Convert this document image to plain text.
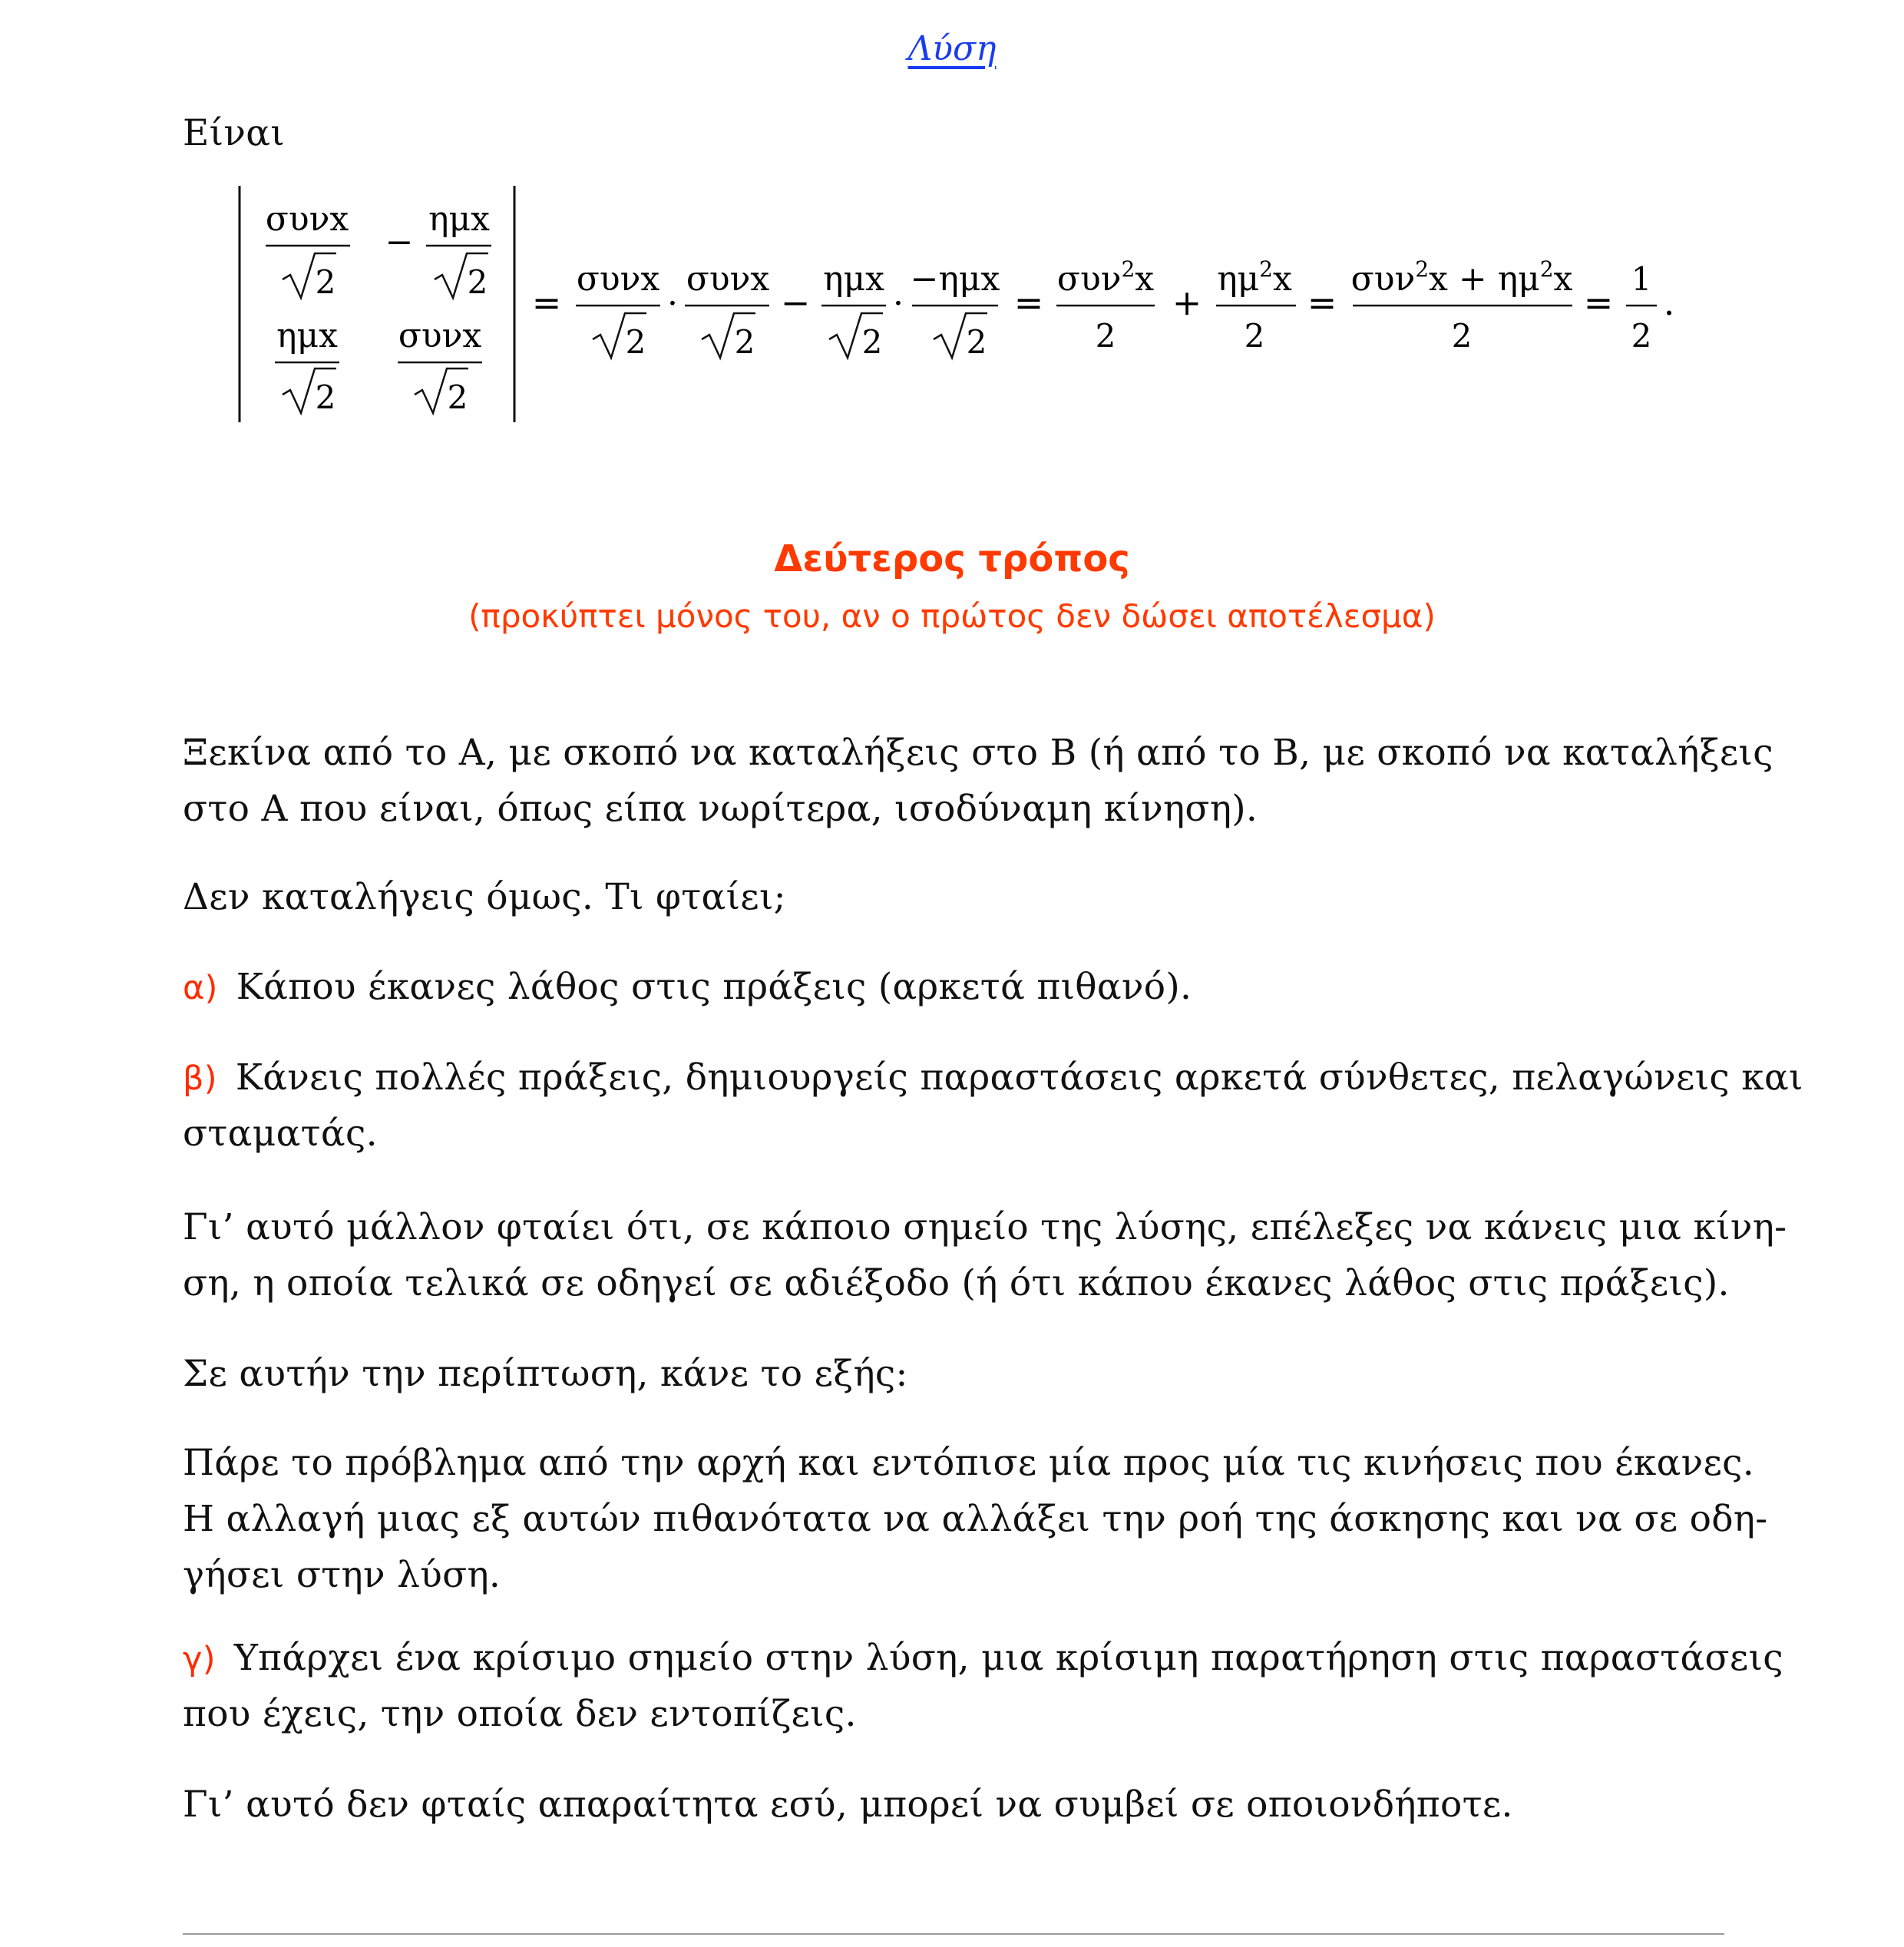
Λύση
Είναι
συνx
2
−
ημx
2
ημx
2
συνx
2
=
συνx
2
·
συνx
2
−
ημx
2
·
−ημx
2
=
συν$^2$x
2
+
$\eta\mu^2x$
2
=
$\sigma\upsilon\nu^2x + \eta\mu^2x$
2
=
1
2
.
Δεύτερος τρόπος
(προκύπτει μόνος του, αν ο πρώτος δεν δώσει αποτέλεσμα)
Ξεκίνα από το Α, με σκοπό να καταλήξεις στο Β (ή από το Β, με σκοπό να καταλήξεις
στο Α που είναι, όπως είπα νωρίτερα, ισοδύναμη κίνηση).
Δεν καταλήγεις όμως. Τι φταίει;
α) Κάπου έκανες λάθος στις πράξεις (αρκετά πιθανό).
β) Κάνεις πολλές πράξεις, δημιουργείς παραστάσεις αρκετά σύνθετες, πελαγώνεις και
σταματάς.
Γι’ αυτό μάλλον φταίει ότι, σε κάποιο σημείο της λύσης, επέλεξες να κάνεις μια κίνη-
ση, η οποία τελικά σε οδηγεί σε αδιέξοδο (ή ότι κάπου έκανες λάθος στις πράξεις).
Σε αυτήν την περίπτωση, κάνε το εξής:
Πάρε το πρόβλημα από την αρχή και εντόπισε μία προς μία τις κινήσεις που έκανες.
Η αλλαγή μιας εξ αυτών πιθανότατα να αλλάξει την ροή της άσκησης και να σε οδη-
γήσει στην λύση.
γ) Υπάρχει ένα κρίσιμο σημείο στην λύση, μια κρίσιμη παρατήρηση στις παραστάσεις
που έχεις, την οποία δεν εντοπίζεις.
Γι’ αυτό δεν φταίς απαραίτητα εσύ, μπορεί να συμβεί σε οποιονδήποτε.
